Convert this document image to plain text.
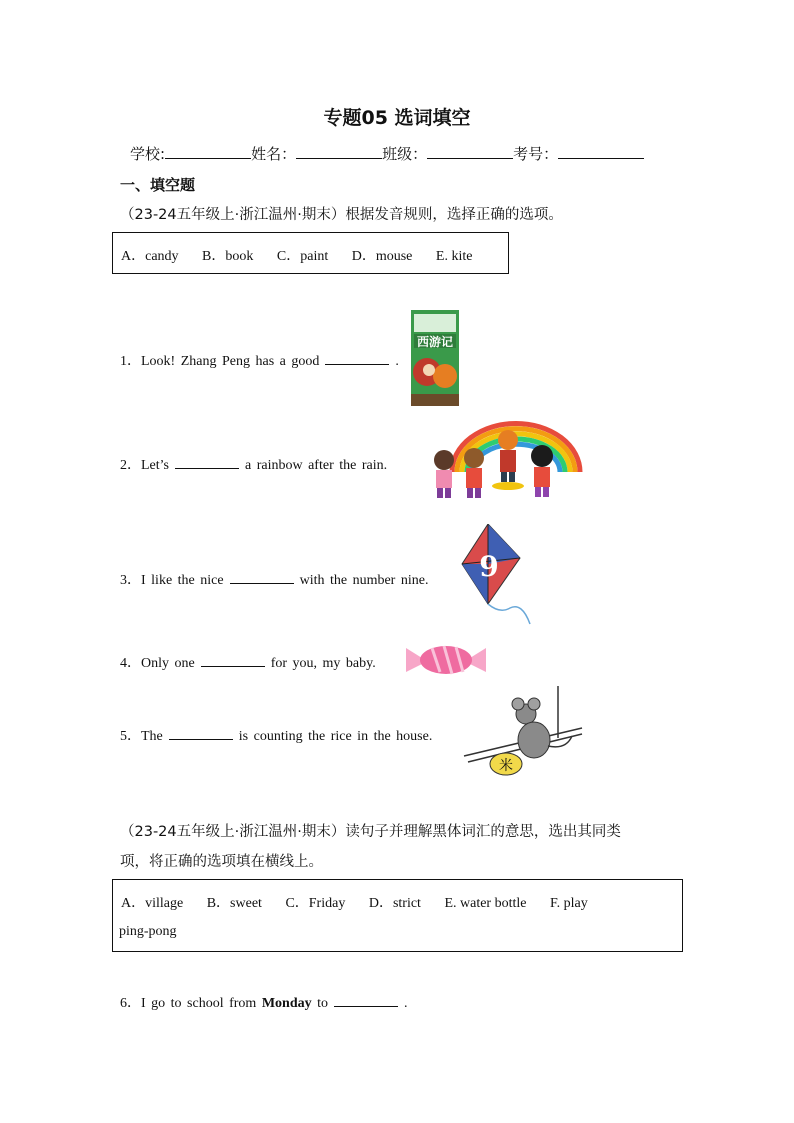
专题05 选词填空
学校:	姓名：	班级：	考号：
一、填空题
（23-24五年级上·浙江温州·期末）根据发音规则，选择正确的选项。
A．candy B．book C．paint D．mouse E. kite
1．Look! Zhang Peng has a good	.
西游记
2．Let’s	a rainbow after the rain.
3．I like the nice	with the number nine. 9
4．Only one	for you, my baby.
5．The	is counting the rice in the house.
米
（23-24五年级上·浙江温州·期末）读句子并理解黑体词汇的意思，选出其同类
项，将正确的选项填在横线上。
A．village B．sweet C．Friday D．strict E. water bottle F. play
ping-pong
6．I go to school from Monday to	.
